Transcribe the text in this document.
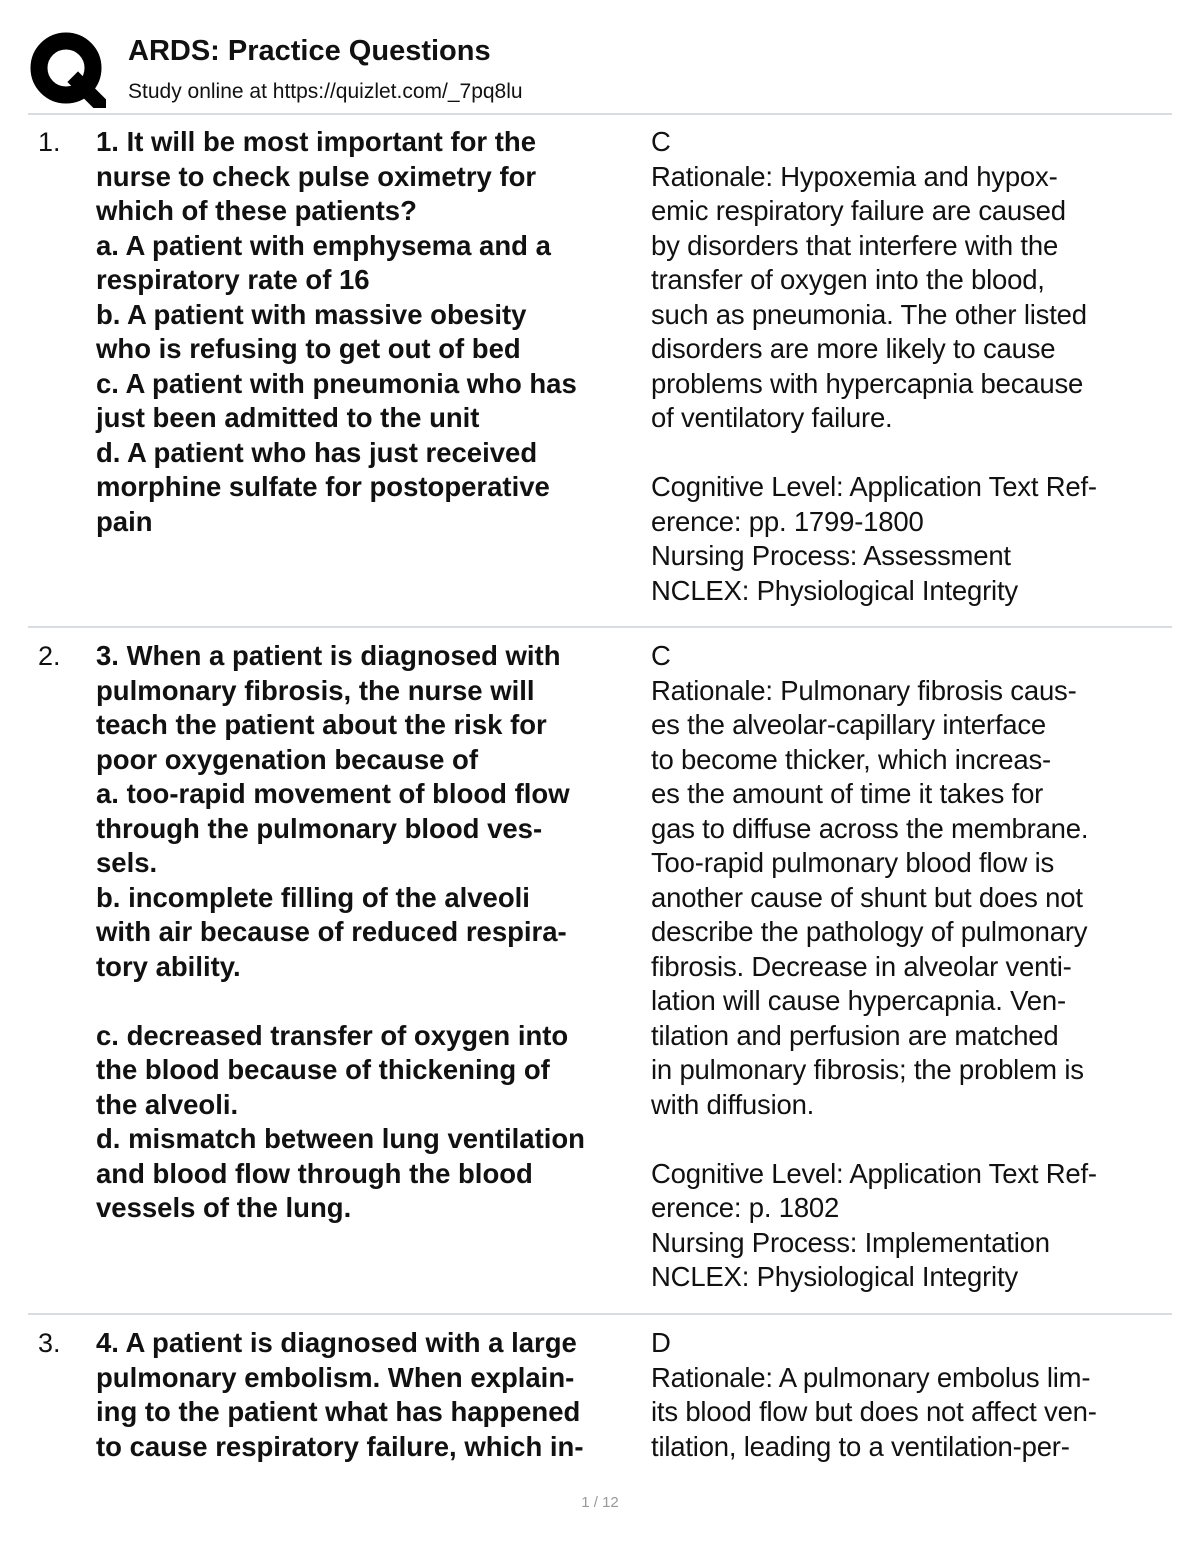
ARDS: Practice Questions
Study online at https://quizlet.com/_7pq8lu
1. 1. It will be most important for the
nurse to check pulse oximetry for
which of these patients?
a. A patient with emphysema and a
respiratory rate of 16
b. A patient with massive obesity
who is refusing to get out of bed
c. A patient with pneumonia who has
just been admitted to the unit
d. A patient who has just received
morphine sulfate for postoperative
pain
C
Rationale: Hypoxemia and hypox-
emic respiratory failure are caused
by disorders that interfere with the
transfer of oxygen into the blood,
such as pneumonia. The other listed
disorders are more likely to cause
problems with hypercapnia because
of ventilatory failure.

Cognitive Level: Application Text Ref-
erence: pp. 1799-1800
Nursing Process: Assessment
NCLEX: Physiological Integrity
2. 3. When a patient is diagnosed with
pulmonary fibrosis, the nurse will
teach the patient about the risk for
poor oxygenation because of
a. too-rapid movement of blood flow
through the pulmonary blood ves-
sels.
b. incomplete filling of the alveoli
with air because of reduced respira-
tory ability.

c. decreased transfer of oxygen into
the blood because of thickening of
the alveoli.
d. mismatch between lung ventilation
and blood flow through the blood
vessels of the lung.
C
Rationale: Pulmonary fibrosis caus-
es the alveolar-capillary interface
to become thicker, which increas-
es the amount of time it takes for
gas to diffuse across the membrane.
Too-rapid pulmonary blood flow is
another cause of shunt but does not
describe the pathology of pulmonary
fibrosis. Decrease in alveolar venti-
lation will cause hypercapnia. Ven-
tilation and perfusion are matched
in pulmonary fibrosis; the problem is
with diffusion.

Cognitive Level: Application Text Ref-
erence: p. 1802
Nursing Process: Implementation
NCLEX: Physiological Integrity
3. 4. A patient is diagnosed with a large
pulmonary embolism. When explain-
ing to the patient what has happened
to cause respiratory failure, which in-
D
Rationale: A pulmonary embolus lim-
its blood flow but does not affect ven-
tilation, leading to a ventilation-per-
1 / 12
